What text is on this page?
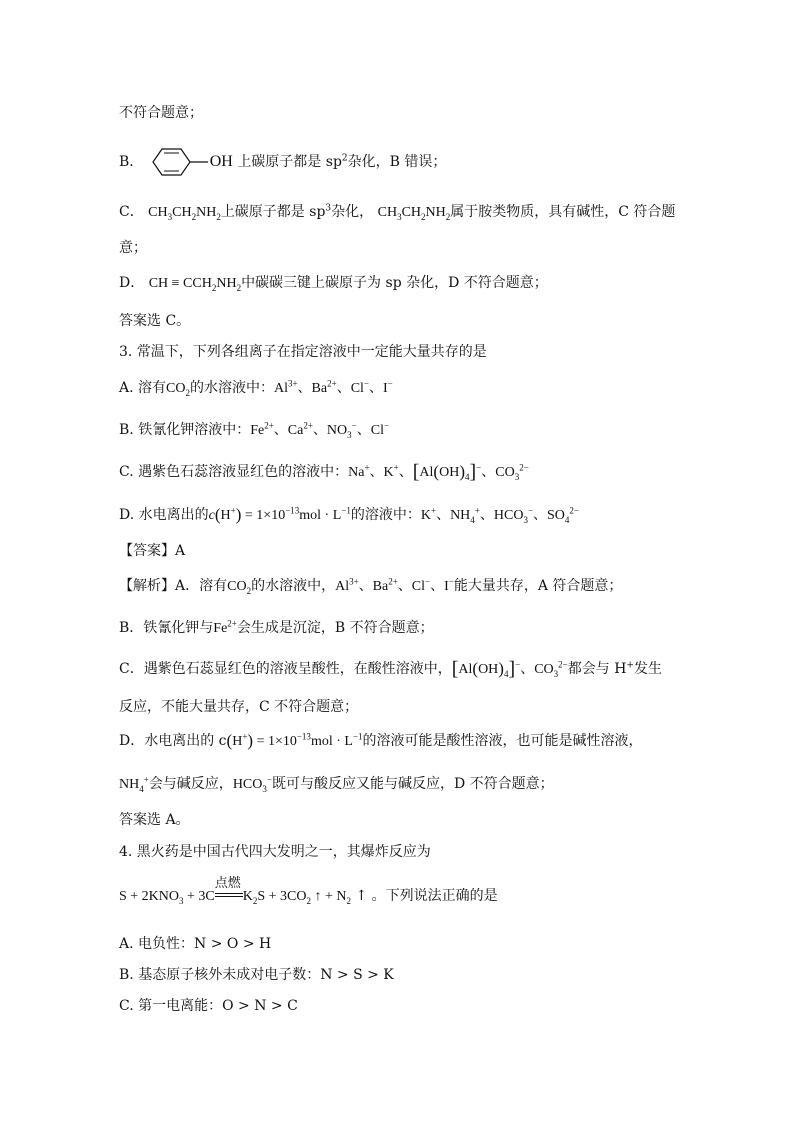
不符合题意；
B．	OH 上碳原子都是 $sp^2$杂化，B 错误；
C． $CH_3CH_2NH_2$上碳原子都是 $sp^3$杂化， $CH_3CH_2NH_2$属于胺类物质，具有碱性，C 符合题
意；
D． CH ≡ $CCH_2NH_2$中碳碳三键上碳原子为 sp 杂化，D 不符合题意；
答案选 C。
3. 常温下，下列各组离子在指定溶液中一定能大量共存的是
A. 溶有$CO_2$的水溶液中：$Al^{3+}$、$Ba^{2+}$、Cl−、I−
B. 铁氰化钾溶液中：$Fe^{2+}$、$Ca^{2+}$、$NO_3^-$、Cl−
C. 遇紫色石蕊溶液显红色的溶液中：Na+、K+、$[Al(OH)_4]^-$、$CO_3^{2-}$
D. 水电离出的$c(H^+) = 1\times 10^{-13}mol \cdot L^{-1}$的溶液中：K+、$NH_4^+$、$HCO_3^-$、$SO_4^{2-}$
【答案】A
【解析】A．溶有$CO_2$的水溶液中，$Al^{3+}$、$Ba^{2+}$、Cl−、I−能大量共存，A 符合题意；
B．铁氰化钾与$Fe^{2+}$会生成是沉淀，B 不符合题意；
C．遇紫色石蕊显红色的溶液呈酸性，在酸性溶液中，$[Al(OH)_4]^-$、$CO_3^{2-}$都会与 H+发生
反应，不能大量共存，C 不符合题意；
D．水电离出的 $c(H^+) = 1\times 10^{-13}mol \cdot L^{-1}$的溶液可能是酸性溶液，也可能是碱性溶液，
$NH_4^+$会与碱反应，$HCO_3^-$既可与酸反应又能与碱反应，D 不符合题意；
答案选 A。
4. 黑火药是中国古代四大发明之一，其爆炸反应为
$S + 2KNO_3 + 3C$
点燃
$K_2S + 3CO_2$ ↑ + $N_2$ ↑ 。下列说法正确的是
A. 电负性：N > O > H
B. 基态原子核外未成对电子数：N > S > K
C. 第一电离能：O > N > C
